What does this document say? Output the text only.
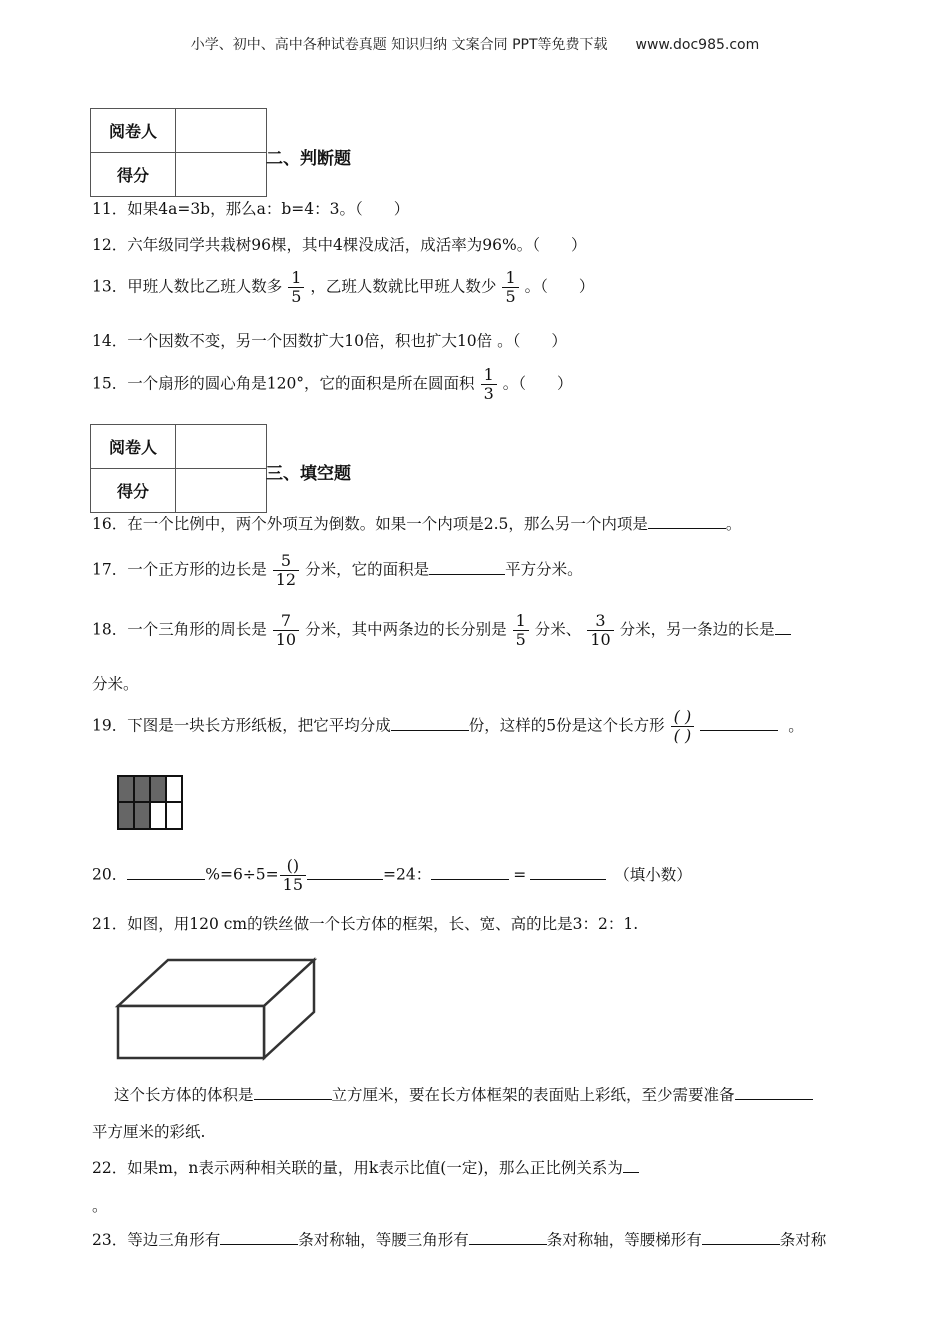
小学、初中、高中各种试卷真题 知识归纳 文案合同 PPT等免费下载 www.doc985.com
阅卷人	
得分	
二、判断题
11．如果4a=3b，那么a：b=4：3。（　　）
12．六年级同学共栽树96棵，其中4棵没成活，成活率为96%。（　　）
13．甲班人数比乙班人数多 $\frac{1}{5}$ ，乙班人数就比甲班人数少 $\frac{1}{5}$ 。（　　）
14．一个因数不变，另一个因数扩大10倍，积也扩大10倍 。（　　）
15．一个扇形的圆心角是120°，它的面积是所在圆面积 $\frac{1}{3}$ 。（　　）
阅卷人	
得分	
三、填空题
16．在一个比例中，两个外项互为倒数。如果一个内项是2.5，那么另一个内项是	。
17．一个正方形的边长是 $\frac{5}{12}$ 分米，它的面积是	平方分米。
18．一个三角形的周长是 $\frac{7}{10}$ 分米，其中两条边的长分别是 $\frac{1}{5}$ 分米、 $\frac{3}{10}$ 分米，另一条边的长是
分米。
19．下图是一块长方形纸板，把它平均分成	份，这样的5份是这个长方形 $\frac{( )}{( )}$	。
20．	$\%=6\div 5= \frac{()}{15}$	=24：	=	（填小数）
21．如图，用120 cm的铁丝做一个长方体的框架，长、宽、高的比是3：2：1.
这个长方体的体积是	立方厘米，要在长方体框架的表面贴上彩纸，至少需要准备
平方厘米的彩纸.
22．如果m，n表示两种相关联的量，用k表示比值(一定)，那么正比例关系为
。
23．等边三角形有	条对称轴，等腰三角形有	条对称轴，等腰梯形有	条对称
